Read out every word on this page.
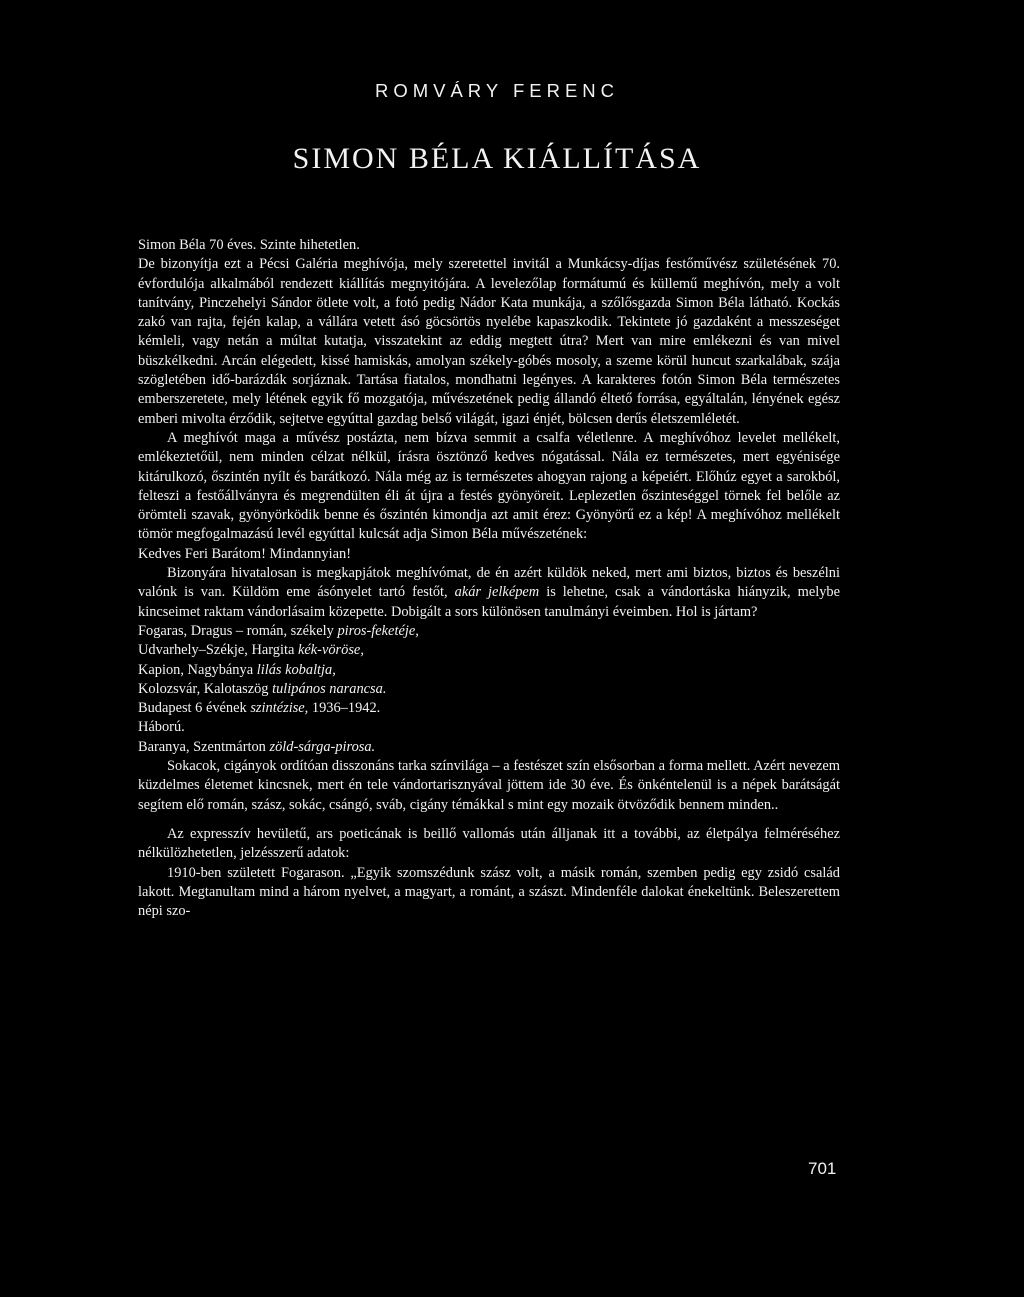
ROMVÁRY FERENC
SIMON BÉLA KIÁLLÍTÁSA

Simon Béla 70 éves. Szinte hihetetlen.

De bizonyítja ezt a Pécsi Galéria meghívója, mely szeretettel invitál a Munkácsy-díjas festőművész születésének 70. évfordulója alkalmából rendezett kiállítás megnyitójára. A levelezőlap formátumú és küllemű meghívón, mely a volt tanítvány, Pinczehelyi Sándor ötlete volt, a fotó pedig Nádor Kata munkája, a szőlősgazda Simon Béla látható. Kockás zakó van rajta, fején kalap, a vállára vetett ásó göcsörtös nyelébe kapaszkodik. Tekintete jó gazdaként a messzeséget kémleli, vagy netán a múltat kutatja, visszatekint az eddig megtett útra? Mert van mire emlékezni és van mivel büszkélkedni. Arcán elégedett, kissé hamiskás, amolyan székely-góbés mosoly, a szeme körül huncut szarkalábak, szája szögletében idő-barázdák sorjáznak. Tartása fiatalos, mondhatni legényes. A karakteres fotón Simon Béla természetes emberszeretete, mely létének egyik fő mozgatója, művészetének pedig állandó éltető forrása, egyáltalán, lényének egész emberi mivolta érződik, sejtetve egyúttal gazdag belső világát, igazi énjét, bölcsen derűs életszemléletét.

A meghívót maga a művész postázta, nem bízva semmit a csalfa véletlenre. A meghívóhoz levelet mellékelt, emlékeztetőül, nem minden célzat nélkül, írásra ösztönző kedves nógatással. Nála ez természetes, mert egyénisége kitárulkozó, őszintén nyílt és barátkozó. Nála még az is természetes ahogyan rajong a képeiért. Előhúz egyet a sarokból, felteszi a festőállványra és megrendülten éli át újra a festés gyönyöreit. Leplezetlen őszinteséggel törnek fel belőle az örömteli szavak, gyönyörködik benne és őszintén kimondja azt amit érez: Gyönyörű ez a kép! A meghívóhoz mellékelt tömör megfogalmazású levél egyúttal kulcsát adja Simon Béla művészetének:

Kedves Feri Barátom! Mindannyian!

Bizonyára hivatalosan is megkapjátok meghívómat, de én azért küldök neked, mert ami biztos, biztos és beszélni valónk is van. Küldöm eme ásónyelet tartó festőt, akár jelképem is lehetne, csak a vándortáska hiányzik, melybe kincseimet raktam vándorlásaim közepette. Dobigált a sors különösen tanulmányi éveimben. Hol is jártam?

Fogaras, Dragus – román, székely piros-feketéje,

Udvarhely–Székje, Hargita kék-vöröse,

Kapion, Nagybánya lilás kobaltja,

Kolozsvár, Kalotaszög tulipános narancsa.

Budapest 6 évének szintézise, 1936–1942.

Háború.

Baranya, Szentmárton zöld-sárga-pirosa.

Sokacok, cigányok ordítóan disszonáns tarka színvilága – a festészet szín elsősorban a forma mellett. Azért nevezem küzdelmes életemet kincsnek, mert én tele vándortarisznyával jöttem ide 30 éve. És önkéntelenül is a népek barátságát segítem elő román, szász, sokác, csángó, sváb, cigány témákkal s mint egy mozaik ötvöződik bennem minden..

Az expresszív hevületű, ars poeticának is beillő vallomás után álljanak itt a további, az életpálya felméréséhez nélkülözhetetlen, jelzésszerű adatok:

1910-ben született Fogarason. „Egyik szomszédunk szász volt, a másik román, szemben pedig egy zsidó család lakott. Megtanultam mind a három nyelvet, a magyart, a románt, a szászt. Mindenféle dalokat énekeltünk. Beleszerettem népi szo-

701
